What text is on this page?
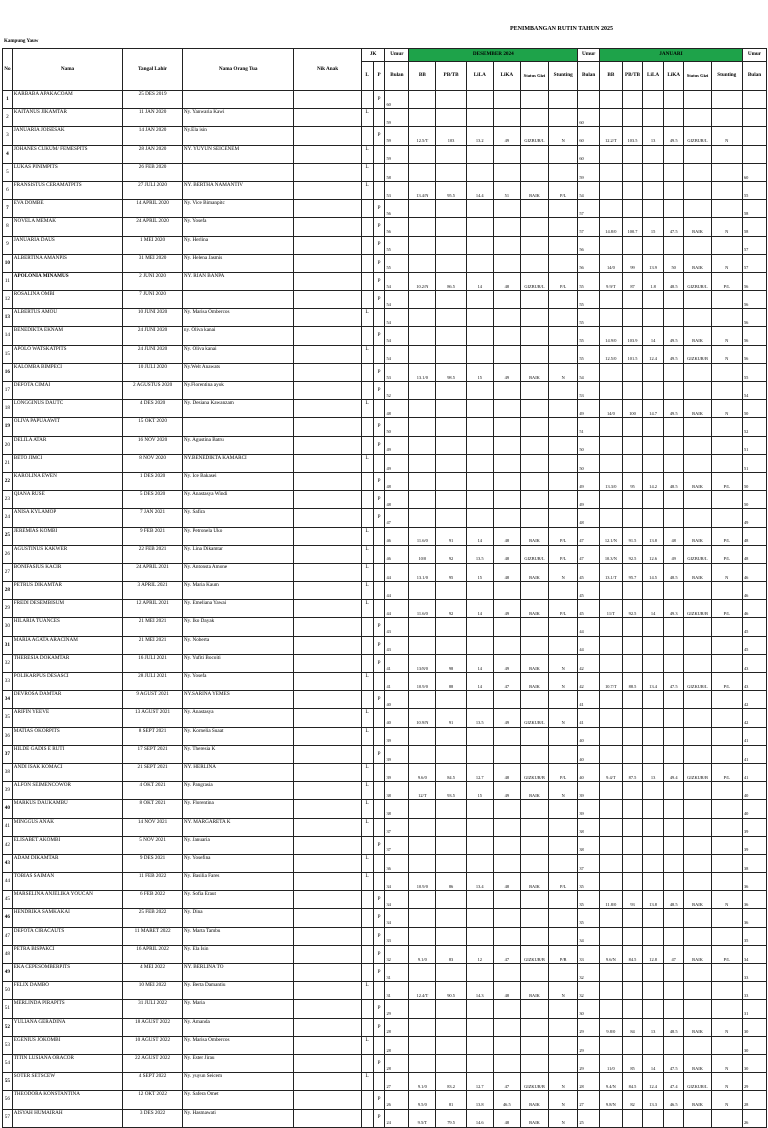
PENIMBANGAN RUTIN TAHUN 2025
Kampung Yauw
No	Nama	Tangal Lahir	Nama Orang Tua	Nik Anak	JK		Umur	DESEMBER 2024						Umur	JANUARI						Umur
					L	P	Bulan	BB	PB/TB	LiLA	LiKA	Status Gizi	Stunting	Bulan	BB	PB/TB	LiLA	LiKA	Status Gizi	Stunting	Bulan
1	KARBABA APAKACOAM	25 DES 2019				P	60														
2	KAITANUS JIKAMTAR	11 JAN 2020	Ny. Yanwaria Kawi		L		59							60							
3	JANUARIA JOISESAK	14 JAN 2020	Ny.Ela isin			P	59	12.5/T	103	13.2	49	GIZBUR/L	N	60	12.2/T	103.5	13	49.5	GIZBUR/L	N	
4	JOHANES CUKUM/ FEMESPITS	28 JAN 2020	NY. YUYUN SEICENEM		L		59							60							
5	LUKAS PINIMPITS	26 FEB 2020			L		58							59							60
6	FRANSISTUS CERAMATPITS	27 JULI 2020	NY. BERTHA NAMANTIV		L		53	13.4/N	95.5	14.4	51	BAIK	P/L	54							55
7	EVA DOMBE	14 APRIL 2020	Ny. Vice Bimanpitc			P	56							57							58
8	NOVELA MEMAK	24 APRIL 2020	Ny. Yosefa			P	56							57	14.8/0	100.7	15	47.5	BAIK	N	58
9	JANUARIA DAUS	1 MEI 2020	Ny. Herlina			P	55							56							57
10	ALBERTINA AMANPIS	31 MEI 2020	Ny. Helena Jasmis			P	55							56	14/0	99	13.9	50	BAIK	N	57
11	APOLONIA MINAMUS	2 JUNI 2020	NY. RIAN BANPA			P	54	10.2/N	86.5	14	48	GIZBUR/L	P/L	55	9.9/T	87	1.8	48.5	GIZBUR/L	P/L	56
12	ROSALINA OMBI	7 JUNI 2020				P	54							55							56
13	ALBERTUS AMOU	10 JUNI 2020	Ny. Marisa Ombercos		L		54							55							56
14	BENEDIKTA EKNAM	24 JUNI 2020	ny. Oliva kanai			P	54							55	14.9/0	103.9	14	49.5	BAIK	N	56
15	APOLO WATSKATPITS	24 JUNI 2020	Ny. Oliva kanai		L		54							55	12.5/0	101.5	12.4	49.5	GIZKUR/B	N	56
16	KALOMBA BIMPECI	10 JULI 2020	Ny.Welt Anawats			P	53	13.1/0	98.5	15	49	BAIK	N	54							55
17	DEFOTA CIMAI	2 AGUSTUS 2020	Ny.Florentina ayok			P	52							53							54
18	LONGGINUS DAUTC	4 DES 2020	Ny. Desiana Kawanzam		L		48							49	14/0	100	14.7	49.5	BAIK	N	50
19	OLIVA PAPUAAWIT	15 OKT 2020				P	50							51							52
20	DELILA ATAR	16 NOV 2020	Ny. Agustina Batru			P	49							50							51
21	BETO JIMCI	8 NOV 2020	NY.BENEDIKTA KAMARCI		L		49							50							51
22	KAROLINA EWEN	1 DES 2020	Ny. Ice Bakasei			P	48							49	13.3/0	95	14.2	48.5	BAIK	P/L	50
23	QIANA RUSE	5 DES 2020	Ny. Anastasya Windi			P	48							49							50
24	ANISA KYLAMOP	7 JAN 2021	Ny. Safira			P	47							48							49
25	JEREMIAS KOMBI	9 FEB 2021	Ny. Petronela Uko		L		46	11.6/0	91	14	48	BAIK	P/L	47	12.1/N	91.5	13.8	48	BAIK	P/L	48
26	AGUSTINUS KAKWER	22 FEB 2021	Ny. Lina Dikamtar		L		46	10/0	92	13.5	48	GIZBUR/L	P/L	47	10.3/N	92.5	12.6	49	GIZBUR/L	P/L	48
27	BONIFASIUS KACIR	24 APRIL 2021	Ny. Antonsta Amone		L		44	13.1/0	95	15	48	BAIK	N	45	13.1/T	95.7	14.5	48.5	BAIK	N	46
28	PETRUS DIKAMTAR	3 APRIL 2021	Ny. Maria Kaum		L		44							45							46
29	FREDI DESEMBISUM	12 APRIL 2021	Ny. Emeliana Yawai		L		44	11.6/0	92	14	49	BAIK	P/L	45	11/T	92.5	14	49.3	GIZKUR/B	P/L	46
30	HILARIA TUANCES	21 MEI 2021	Ny. Iko Dayak			P	43							44							45
31	MARIA AGATA ARACINAM	21 MEI 2021	Ny. Noberta			P	43							44							45
32	THERESIA DOKAMTAR	16 JULI 2021	Ny. Yufiti Bocoiti			P	41	13/8/0	98	14	49	BAIK	N	42							43
33	POLIKARPUS DESASCI	28 JULI 2021	Ny. Yosefa		L		41	10.9/0	88	14	47	BAIK	N	42	10.7/T	88.5	13.4	47.5	GIZKUR/L	P/L	43
34	DEVROSA DAMTAR	9 AGUST 2021	NY.SARINA YEMES			P	40							41							42
35	ARIFIN YEEVE	13 AGUST 2021	Ny. Anastasya		L		40	10.9/N	91	13.5	49	GIZKUR/L	N	41							42
36	MATIAS OKORPITS	8 SEPT 2021	Ny. Kornelia Suaat		L		39							40							41
37	HILDE GADIS E RUTI	17 SEPT 2021	Ny. Theresia K			P	39							40							41
38	ANDI ISAK KOMACI	21 SEPT 2021	NY. HERLINA		L		39	9.6/0	84.5	12.7	48	GIZKUR/B	P/L	40	9.4/T	87.5	13	49.4	GIZKUR/B	P/L	41
39	ALFON SEIMENCOWOR	4 OKT 2021	Ny. Pangrasia		L		38	12/T	93.5	15	49	BAIK	N	39							40
40	MARKUS DAUKAMBU	8 OKT 2021	Ny. Florentina		L		38							39							40
41	MINGGUS ANAK	14 NOV 2021	NY. MARGARETA K		L		37							38							39
42	ELISABET AKOMBI	5 NOV 2021	Ny. Januaria			P	37							38							39
43	ADAM DIKAMTAR	9 DES 2021	Ny. Yosefina		L		36							37							38
44	TOBIAS SAIMAN	11 FEB 2022	Ny. Basilia Fares		L		34	10.9/0	86	13.4	48	BAIK	P/L	35							36
45	MARSELINA ANJELIKA YOUCAN	6 FEB 2022	Ny. Sofia Eraut			P	34							35	11.8/0	93	13.8	48.5	BAIK	N	36
46	HENDRIKA SAMKAKAI	25 FEB 2022	Ny. Dina			P	34							35							36
47	DEFOTA CIRACAUTS	11 MARET 2022	Ny. Marta Tambu			P	33							34							35
48	PETRA BISPAKCI	16 APRIL 2022	Ny. Ela Isin			P	32	9.1/0	83	12	47	GIZKUR/B	P/B	33	9.6/N	84.5	12.8	47	BAIK	P/L	34
49	EKA CEPESOMBERPITS	4 MEI 2022	NY. BERLINA TO			P	31							32							33
50	FELIX DAMBO	10 MEI 2022	Ny. Berta Damantiu		L		31	12.4/T	90.5	14.3	48	BAIK	N	32							33
51	MERLINDA PIRAPITS	31 JULI 2022	Ny. Maria			P	29							30							31
52	YULIANA GERADINA	18 AGUST 2022	Ny. Amanda			P	28							29	9.8/0	84	13	48.5	BAIK	N	30
53	EGENIUS JOKOMBI	10 AGUST 2022	Ny. Marisa Ombercos		L		28							29							30
54	TITIN LUSIANA ORACOR	22 AGUST 2022	Ny. Ester Jirau			P	28							29	11/0	85	14	47.5	BAIK	N	30
55	SOTER SETSCEW	4 SEPT 2022	Ny. yuyun Seicem		L		27	9.1/0	83.2	12.7	47	GIZKUR/B	N	28	9.4/N	84.5	12.4	47.4	GIZKUR/L	N	29
56	THEODORA KONSTANTINA	12 OKT 2022	Ny. Safera Omet			P	26	9.5/0	81	13.8	46.5	BAIK	N	27	9.8/N	82	13.3	46.5	BAIK	N	28
57	AISYAH HUMAIRAH	3 DES 2022	Ny. Hasmawati			P	24	9.5/T	79.5	14.6	48	BAIK	N	25							26
